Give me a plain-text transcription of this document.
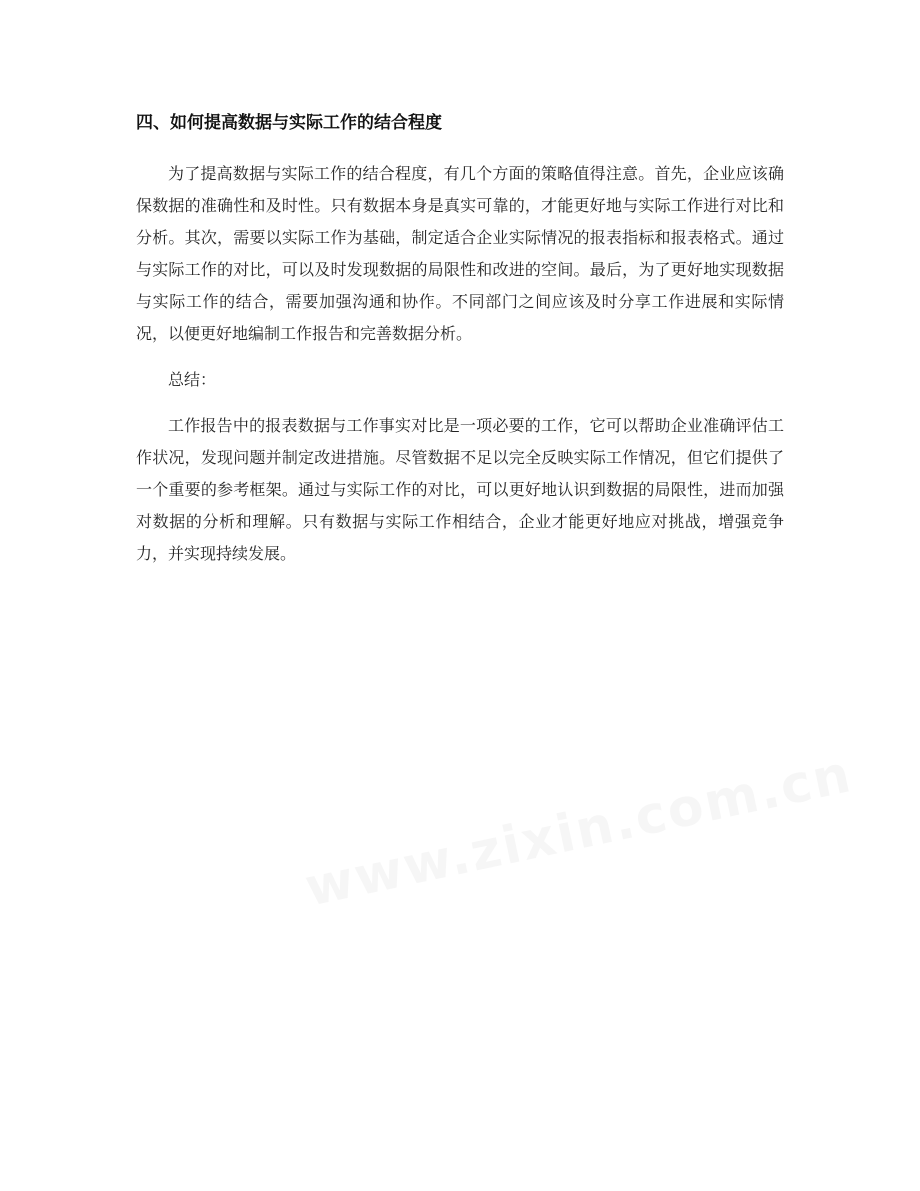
四、如何提高数据与实际工作的结合程度

为了提高数据与实际工作的结合程度，有几个方面的策略值得注意。首先，企业应该确保数据的准确性和及时性。只有数据本身是真实可靠的，才能更好地与实际工作进行对比和分析。其次，需要以实际工作为基础，制定适合企业实际情况的报表指标和报表格式。通过与实际工作的对比，可以及时发现数据的局限性和改进的空间。最后，为了更好地实现数据与实际工作的结合，需要加强沟通和协作。不同部门之间应该及时分享工作进展和实际情况，以便更好地编制工作报告和完善数据分析。

总结：

工作报告中的报表数据与工作事实对比是一项必要的工作，它可以帮助企业准确评估工作状况，发现问题并制定改进措施。尽管数据不足以完全反映实际工作情况，但它们提供了一个重要的参考框架。通过与实际工作的对比，可以更好地认识到数据的局限性，进而加强对数据的分析和理解。只有数据与实际工作相结合，企业才能更好地应对挑战，增强竞争力，并实现持续发展。
